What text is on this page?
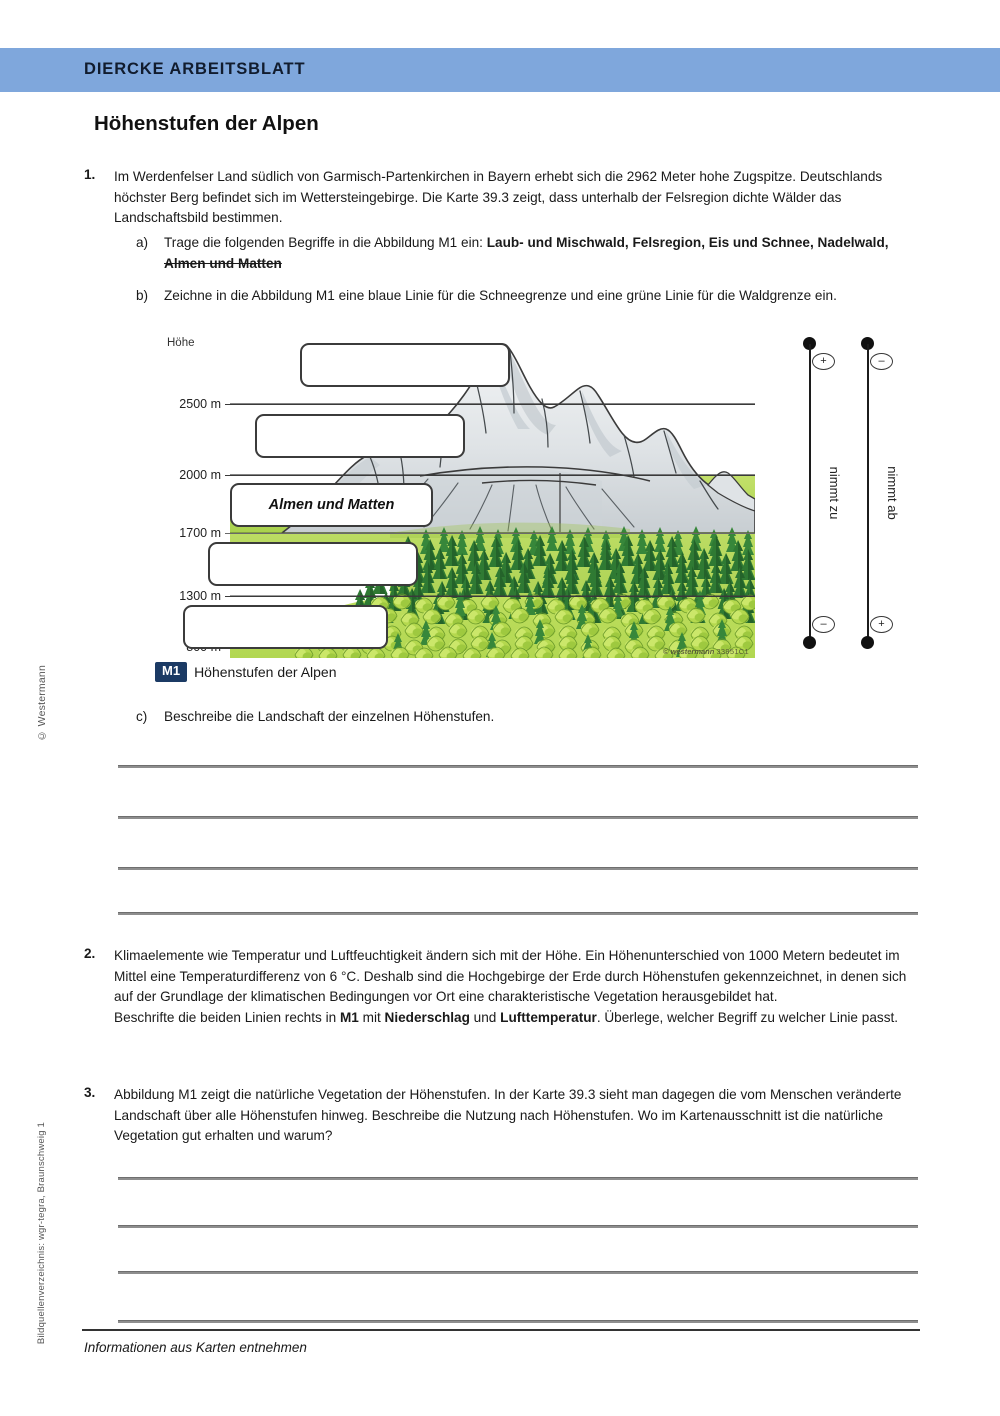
DIERCKE ARBEITSBLATT
Höhenstufen der Alpen
© Westermann
Bildquellenverzeichnis: wgr-tegra, Braunschweig 1
1. Im Werdenfelser Land südlich von Garmisch-Partenkirchen in Bayern erhebt sich die 2962 Meter hohe Zugspitze. Deutschlands höchster Berg befindet sich im Wettersteingebirge. Die Karte 39.3 zeigt, dass unterhalb der Felsregion dichte Wälder das Landschaftsbild bestimmen.
a)	Trage die folgenden Begriffe in die Abbildung M1 ein: Laub- und Mischwald, Felsregion, Eis und Schnee, Nadelwald, Almen und Matten
b)	Zeichne in die Abbildung M1 eine blaue Linie für die Schneegrenze und eine grüne Linie für die Waldgrenze ein.
Höhe
© westermann 33951C1
2500 m
2000 m
1700 m
1300 m
Almen und Matten
+
–
nimmt zu
–
+
nimmt ab
M1	Höhenstufen der Alpen
c)	Beschreibe die Landschaft der einzelnen Höhenstufen.
2. Klimaelemente wie Temperatur und Luftfeuchtigkeit ändern sich mit der Höhe. Ein Höhenunterschied von 1000 Metern bedeutet im Mittel eine Temperaturdifferenz von 6 °C. Deshalb sind die Hochgebirge der Erde durch Höhenstufen gekennzeichnet, in denen sich auf der Grundlage der klimatischen Bedingungen vor Ort eine charakteristische Vegetation herausgebildet hat.
Beschrifte die beiden Linien rechts in M1 mit Niederschlag und Lufttemperatur. Überlege, welcher Begriff zu welcher Linie passt.
3. Abbildung M1 zeigt die natürliche Vegetation der Höhenstufen. In der Karte 39.3 sieht man dagegen die vom Menschen veränderte Landschaft über alle Höhenstufen hinweg. Beschreibe die Nutzung nach Höhenstufen. Wo im Kartenausschnitt ist die natürliche Vegetation gut erhalten und warum?
Informationen aus Karten entnehmen
